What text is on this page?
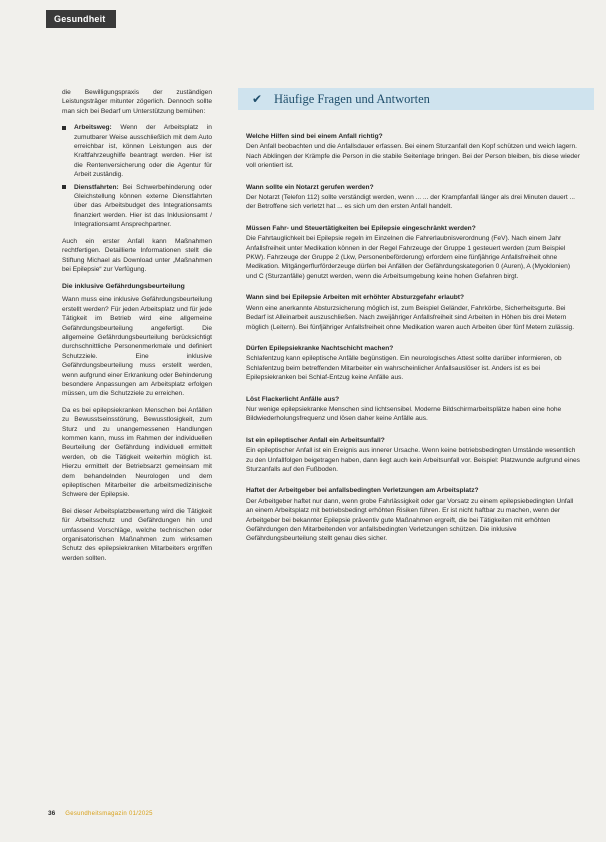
Gesundheit

die Bewilligungspraxis der zuständigen Leistungsträger mitunter zögerlich. Dennoch sollte man sich bei Bedarf um Unterstützung bemühen:

Arbeitsweg: Wenn der Arbeitsplatz in zumutbarer Weise ausschließlich mit dem Auto erreichbar ist, können Leistungen aus der Kraftfahrzeughilfe beantragt werden. Hier ist die Rentenversicherung oder die Agentur für Arbeit zuständig.
Dienstfahrten: Bei Schwerbehinderung oder Gleichstellung können externe Dienstfahrten über das Arbeitsbudget des Integrationsamts finanziert werden. Hier ist das Inklusionsamt / Integrationsamt Ansprechpartner.

Auch ein erster Anfall kann Maßnahmen rechtfertigen. Detaillierte Informationen stellt die Stiftung Michael als Download unter „Maßnahmen bei Epilepsie“ zur Verfügung.

Die inklusive Gefährdungsbeurteilung

Wann muss eine inklusive Gefährdungsbeurteilung erstellt werden? Für jeden Arbeitsplatz und für jede Tätigkeit im Betrieb wird eine allgemeine Gefährdungsbeurteilung angefertigt. Die allgemeine Gefährdungsbeurteilung berücksichtigt durchschnittliche Personenmerkmale und definiert Schutzziele. Eine inklusive Gefährdungsbeurteilung muss erstellt werden, wenn aufgrund einer Erkrankung oder Behinderung besondere Anpassungen am Arbeitsplatz erfolgen müssen, um die Schutzziele zu erreichen.

Da es bei epilepsiekranken Menschen bei Anfällen zu Bewusstseinsstörung, Bewusstlosigkeit, zum Sturz und zu unangemessenen Handlungen kommen kann, muss im Rahmen der individuellen Beurteilung der Gefährdung individuell ermittelt werden, ob die Tätigkeit weiterhin möglich ist. Hierzu ermittelt der Betriebsarzt gemeinsam mit dem behandelnden Neurologen und dem epileptischen Mitarbeiter die arbeitsmedizinische Schwere der Epilepsie.

Bei dieser Arbeitsplatzbewertung wird die Tätigkeit für Arbeitsschutz und Gefährdungen hin und umfassend Vorschläge, welche technischen oder organisatorischen Maßnahmen zum wirksamen Schutz des epilepsiekranken Mitarbeiters ergriffen werden sollten.

✔ Häufige Fragen und Antworten
Welche Hilfen sind bei einem Anfall richtig?

Den Anfall beobachten und die Anfallsdauer erfassen. Bei einem Sturzanfall den Kopf schützen und weich lagern. Nach Abklingen der Krämpfe die Person in die stabile Seitenlage bringen. Bei der Person bleiben, bis diese wieder voll orientiert ist.

Wann sollte ein Notarzt gerufen werden?

Der Notarzt (Telefon 112) sollte verständigt werden, wenn ... ... der Krampfanfall länger als drei Minuten dauert ... der Betroffene sich verletzt hat ... es sich um den ersten Anfall handelt.

Müssen Fahr- und Steuertätigkeiten bei Epilepsie eingeschränkt werden?

Die Fahrtauglichkeit bei Epilepsie regeln im Einzelnen die Fahrerlaubnisverordnung (FeV). Nach einem Jahr Anfallsfreiheit unter Medikation können in der Regel Fahrzeuge der Gruppe 1 gesteuert werden (zum Beispiel PKW). Fahrzeuge der Gruppe 2 (Lkw, Personenbeförderung) erfordern eine fünfjährige Anfallsfreiheit ohne Medikation. Mitgängerflurförderzeuge dürfen bei Anfällen der Gefährdungskategorien 0 (Auren), A (Myoklonien) und C (Sturzanfälle) genutzt werden, wenn die Arbeitsumgebung keine hohen Gefahren birgt.

Wann sind bei Epilepsie Arbeiten mit erhöhter Absturzgefahr erlaubt?

Wenn eine anerkannte Absturzsicherung möglich ist, zum Beispiel Geländer, Fahrkörbe, Sicherheitsgurte. Bei Bedarf ist Alleinarbeit auszuschließen. Nach zweijähriger Anfallsfreiheit sind Arbeiten in Höhen bis drei Metern möglich (Leitern). Bei fünfjähriger Anfallsfreiheit ohne Medikation waren auch Arbeiten über fünf Metern zulässig.

Dürfen Epilepsiekranke Nachtschicht machen?

Schlafentzug kann epileptische Anfälle begünstigen. Ein neurologisches Attest sollte darüber informieren, ob Schlafentzug beim betreffenden Mitarbeiter ein wahrscheinlicher Anfallsauslöser ist. Anders ist es bei Epilepsiekranken bei Schlaf-Entzug keine Anfälle aus.

Löst Flackerlicht Anfälle aus?

Nur wenige epilepsiekranke Menschen sind lichtsensibel. Moderne Bildschirmarbeitsplätze haben eine hohe Bildwiederholungsfrequenz und lösen daher keine Anfälle aus.

Ist ein epileptischer Anfall ein Arbeitsunfall?

Ein epileptischer Anfall ist ein Ereignis aus innerer Ursache. Wenn keine betriebsbedingten Umstände wesentlich zu den Unfallfolgen beigetragen haben, dann liegt auch kein Arbeitsunfall vor. Beispiel: Platzwunde aufgrund eines Sturzanfalls auf den Fußboden.

Haftet der Arbeitgeber bei anfallsbedingten Verletzungen am Arbeitsplatz?

Der Arbeitgeber haftet nur dann, wenn grobe Fahrlässigkeit oder gar Vorsatz zu einem epilepsiebedingten Unfall an einem Arbeitsplatz mit betriebsbedingt erhöhten Risiken führen. Er ist nicht haftbar zu machen, wenn der Arbeitgeber bei bekannter Epilepsie präventiv gute Maßnahmen ergreift, die bei Tätigkeiten mit erhöhten Gefährdungen den Mitarbeitenden vor anfallsbedingten Verletzungen schützen. Die inklusive Gefährdungsbeurteilung stellt genau dies sicher.

36 Gesundheitsmagazin 01/2025
